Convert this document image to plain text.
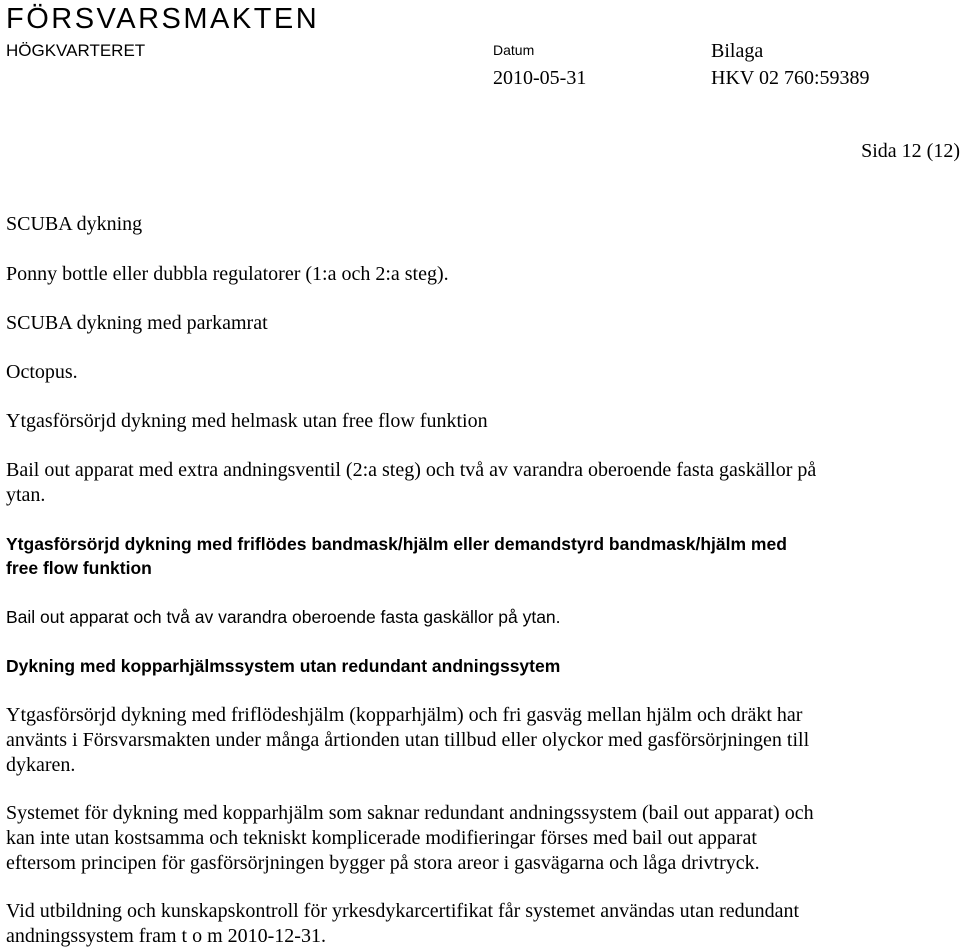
FÖRSVARSMAKTEN
HÖGKVARTERET	Datum
2010-05-31
Bilaga
HKV 02 760:59389
Sida 12 (12)
SCUBA dykning
Ponny bottle eller dubbla regulatorer (1:a och 2:a steg).
SCUBA dykning med parkamrat
Octopus.
Ytgasförsörjd dykning med helmask utan free flow funktion
Bail out apparat med extra andningsventil (2:a steg) och två av varandra oberoende fasta gaskällor på
ytan.
Ytgasförsörjd dykning med friflödes bandmask/hjälm eller demandstyrd bandmask/hjälm med
free flow funktion
Bail out apparat och två av varandra oberoende fasta gaskällor på ytan.
Dykning med kopparhjälmssystem utan redundant andningssytem
Ytgasförsörjd dykning med friflödeshjälm (kopparhjälm) och fri gasväg mellan hjälm och dräkt har
använts i Försvarsmakten under många årtionden utan tillbud eller olyckor med gasförsörjningen till
dykaren.
Systemet för dykning med kopparhjälm som saknar redundant andningssystem (bail out apparat) och
kan inte utan kostsamma och tekniskt komplicerade modifieringar förses med bail out apparat
eftersom principen för gasförsörjningen bygger på stora areor i gasvägarna och låga drivtryck.
Vid utbildning och kunskapskontroll för yrkesdykarcertifikat får systemet användas utan redundant
andningssystem fram t o m 2010-12-31.
